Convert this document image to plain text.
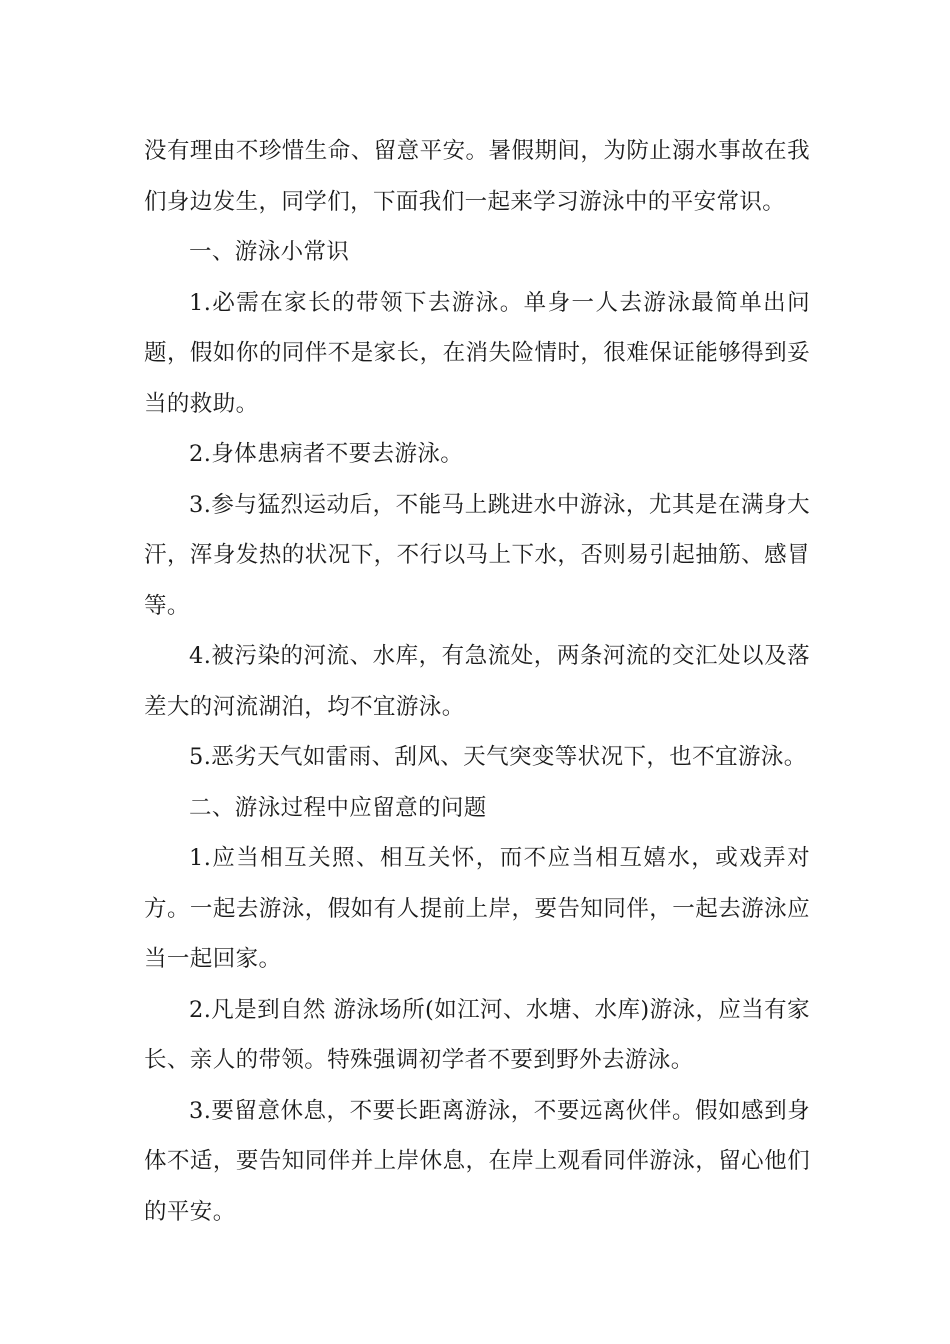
没有理由不珍惜生命、留意平安。暑假期间，为防止溺水事故在我们身边发生，同学们，下面我们一起来学习游泳中的平安常识。

一、游泳小常识

1.必需在家长的带领下去游泳。单身一人去游泳最简单出问题，假如你的同伴不是家长，在消失险情时，很难保证能够得到妥当的救助。

2.身体患病者不要去游泳。

3.参与猛烈运动后，不能马上跳进水中游泳，尤其是在满身大汗，浑身发热的状况下，不行以马上下水，否则易引起抽筋、感冒等。

4.被污染的河流、水库，有急流处，两条河流的交汇处以及落差大的河流湖泊，均不宜游泳。

5.恶劣天气如雷雨、刮风、天气突变等状况下，也不宜游泳。

二、游泳过程中应留意的问题

1.应当相互关照、相互关怀，而不应当相互嬉水，或戏弄对方。一起去游泳，假如有人提前上岸，要告知同伴，一起去游泳应当一起回家。

2.凡是到自然 游泳场所(如江河、水塘、水库)游泳，应当有家长、亲人的带领。特殊强调初学者不要到野外去游泳。

3.要留意休息，不要长距离游泳，不要远离伙伴。假如感到身体不适，要告知同伴并上岸休息，在岸上观看同伴游泳，留心他们的平安。
